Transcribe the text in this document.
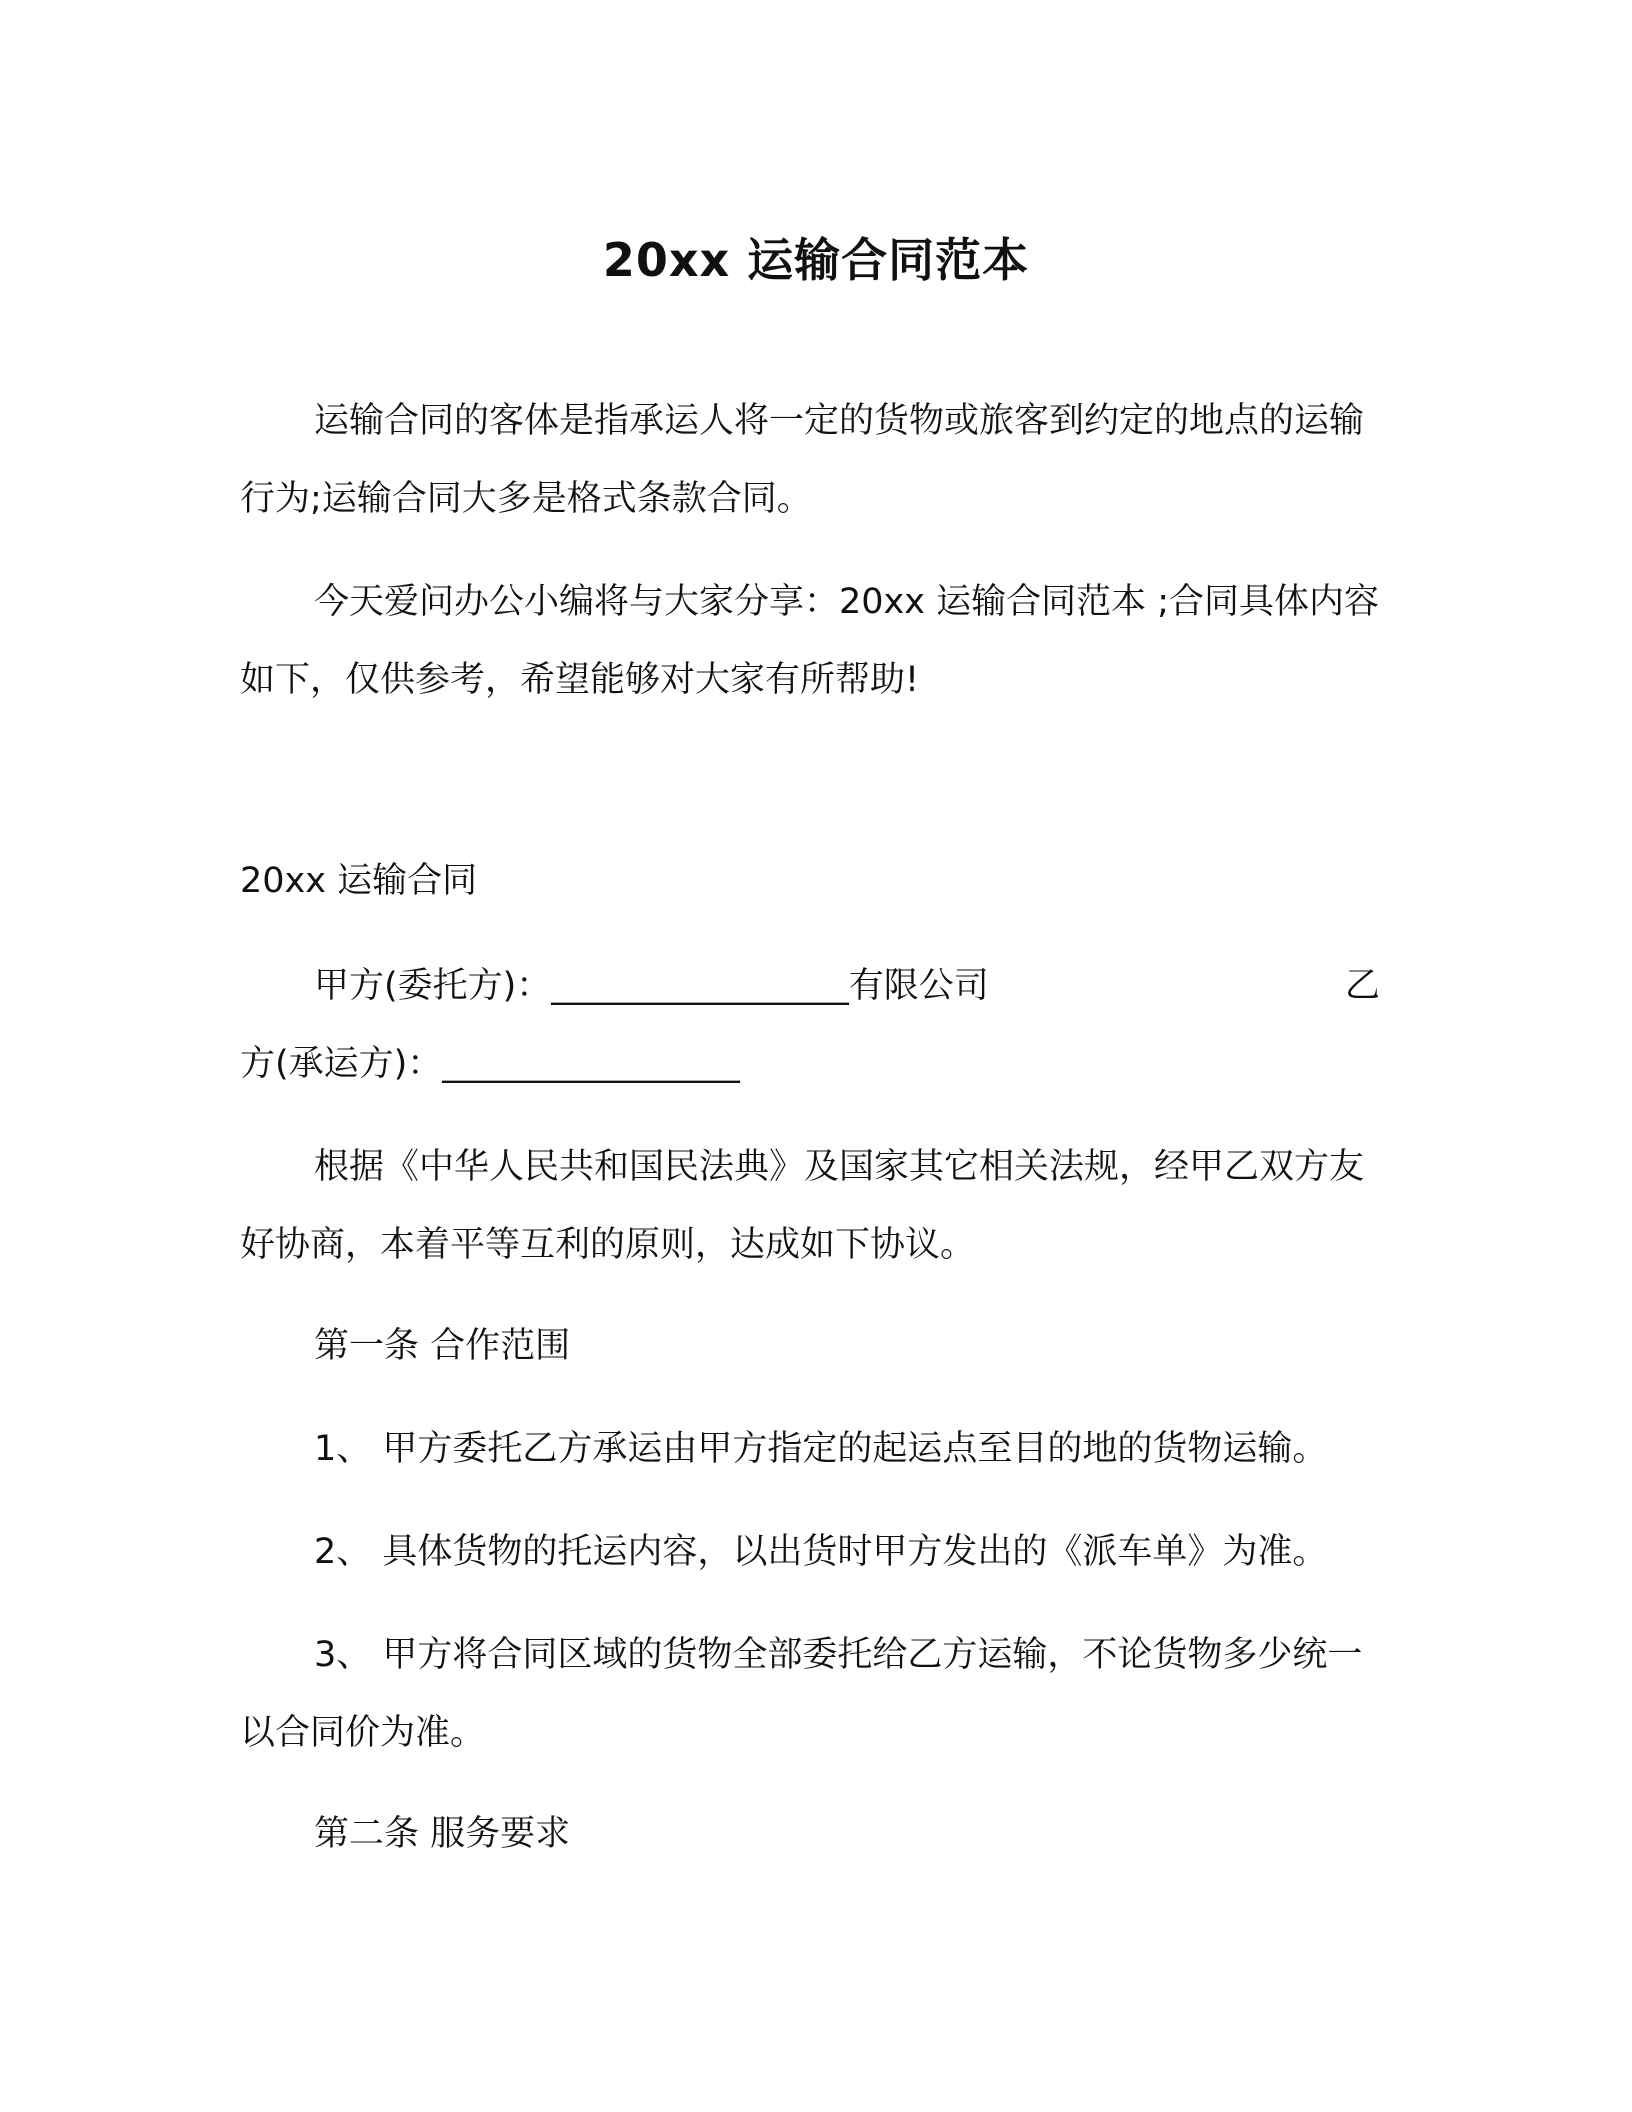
20xx 运输合同范本

运输合同的客体是指承运人将一定的货物或旅客到约定的地点的运输行为;运输合同大多是格式条款合同。

今天爱问办公小编将与大家分享：20xx 运输合同范本 ;合同具体内容如下，仅供参考，希望能够对大家有所帮助!

20xx 运输合同

甲方(委托方)：_________________有限公司	乙
方(承运方)：_________________

根据《中华人民共和国民法典》及国家其它相关法规，经甲乙双方友好协商，本着平等互利的原则，达成如下协议。

第一条 合作范围

1、 甲方委托乙方承运由甲方指定的起运点至目的地的货物运输。

2、 具体货物的托运内容，以出货时甲方发出的《派车单》为准。

3、 甲方将合同区域的货物全部委托给乙方运输，不论货物多少统一以合同价为准。

第二条 服务要求
